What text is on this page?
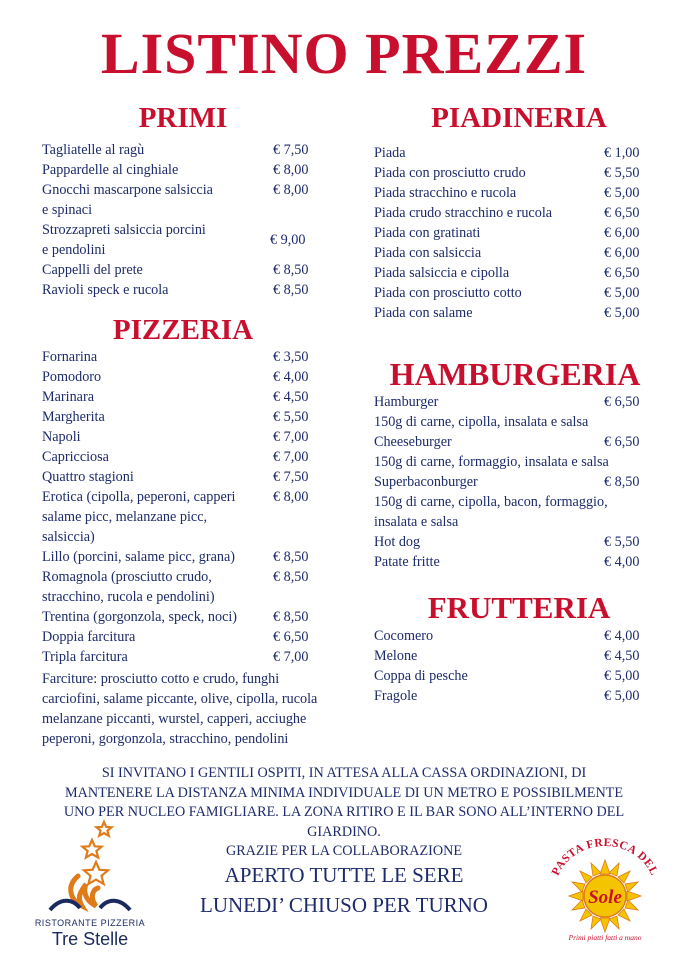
LISTINO PREZZI
PRIMI
Tagliatelle al ragù	€ 7,50
Pappardelle al cinghiale	€ 8,00
Gnocchi mascarpone salsiccia
e spinaci
€ 8,00
Strozzapreti salsiccia porcini
e pendolini
€ 9,00
Cappelli del prete	€ 8,50
Ravioli speck e rucola	€ 8,50
PIZZERIA
Fornarina	€ 3,50
Pomodoro	€ 4,00
Marinara	€ 4,50
Margherita	€ 5,50
Napoli	€ 7,00
Capricciosa	€ 7,00
Quattro stagioni	€ 7,50
Erotica (cipolla, peperoni, capperi
salame picc, melanzane picc,
salsiccia)
€ 8,00
Lillo (porcini, salame picc, grana)	€ 8,50
Romagnola (prosciutto crudo,
stracchino, rucola e pendolini)
€ 8,50
Trentina (gorgonzola, speck, noci)	€ 8,50
Doppia farcitura	€ 6,50
Tripla farcitura	€ 7,00
Farciture: prosciutto cotto e crudo, funghi
carciofini, salame piccante, olive, cipolla, rucola
melanzane piccanti, wurstel, capperi, acciughe
peperoni, gorgonzola, stracchino, pendolini
PIADINERIA
Piada	€ 1,00
Piada con prosciutto crudo	€ 5,50
Piada stracchino e rucola	€ 5,00
Piada crudo stracchino e rucola	€ 6,50
Piada con gratinati	€ 6,00
Piada con salsiccia	€ 6,00
Piada salsiccia e cipolla	€ 6,50
Piada con prosciutto cotto	€ 5,00
Piada con salame	€ 5,00
HAMBURGERIA
Hamburger
150g di carne, cipolla, insalata e salsa
€ 6,50
Cheeseburger
150g di carne, formaggio, insalata e salsa
€ 6,50
Superbaconburger
150g di carne, cipolla, bacon, formaggio,
insalata e salsa
€ 8,50
Hot dog	€ 5,50
Patate fritte	€ 4,00
FRUTTERIA
Cocomero	€ 4,00
Melone	€ 4,50
Coppa di pesche	€ 5,00
Fragole	€ 5,00
SI INVITANO I GENTILI OSPITI, IN ATTESA ALLA CASSA ORDINAZIONI, DI
MANTENERE LA DISTANZA MINIMA INDIVIDUALE DI UN METRO E POSSIBILMENTE
UNO PER NUCLEO FAMIGLIARE. LA ZONA RITIRO E IL BAR SONO ALL’INTERNO DEL
GIARDINO.
GRAZIE PER LA COLLABORAZIONE
APERTO TUTTE LE SERE
LUNEDI’ CHIUSO PER TURNO
RISTORANTE PIZZERIA
Tre Stelle
PASTA FRESCA DEL
Sole
Primi piatti fatti a mano
